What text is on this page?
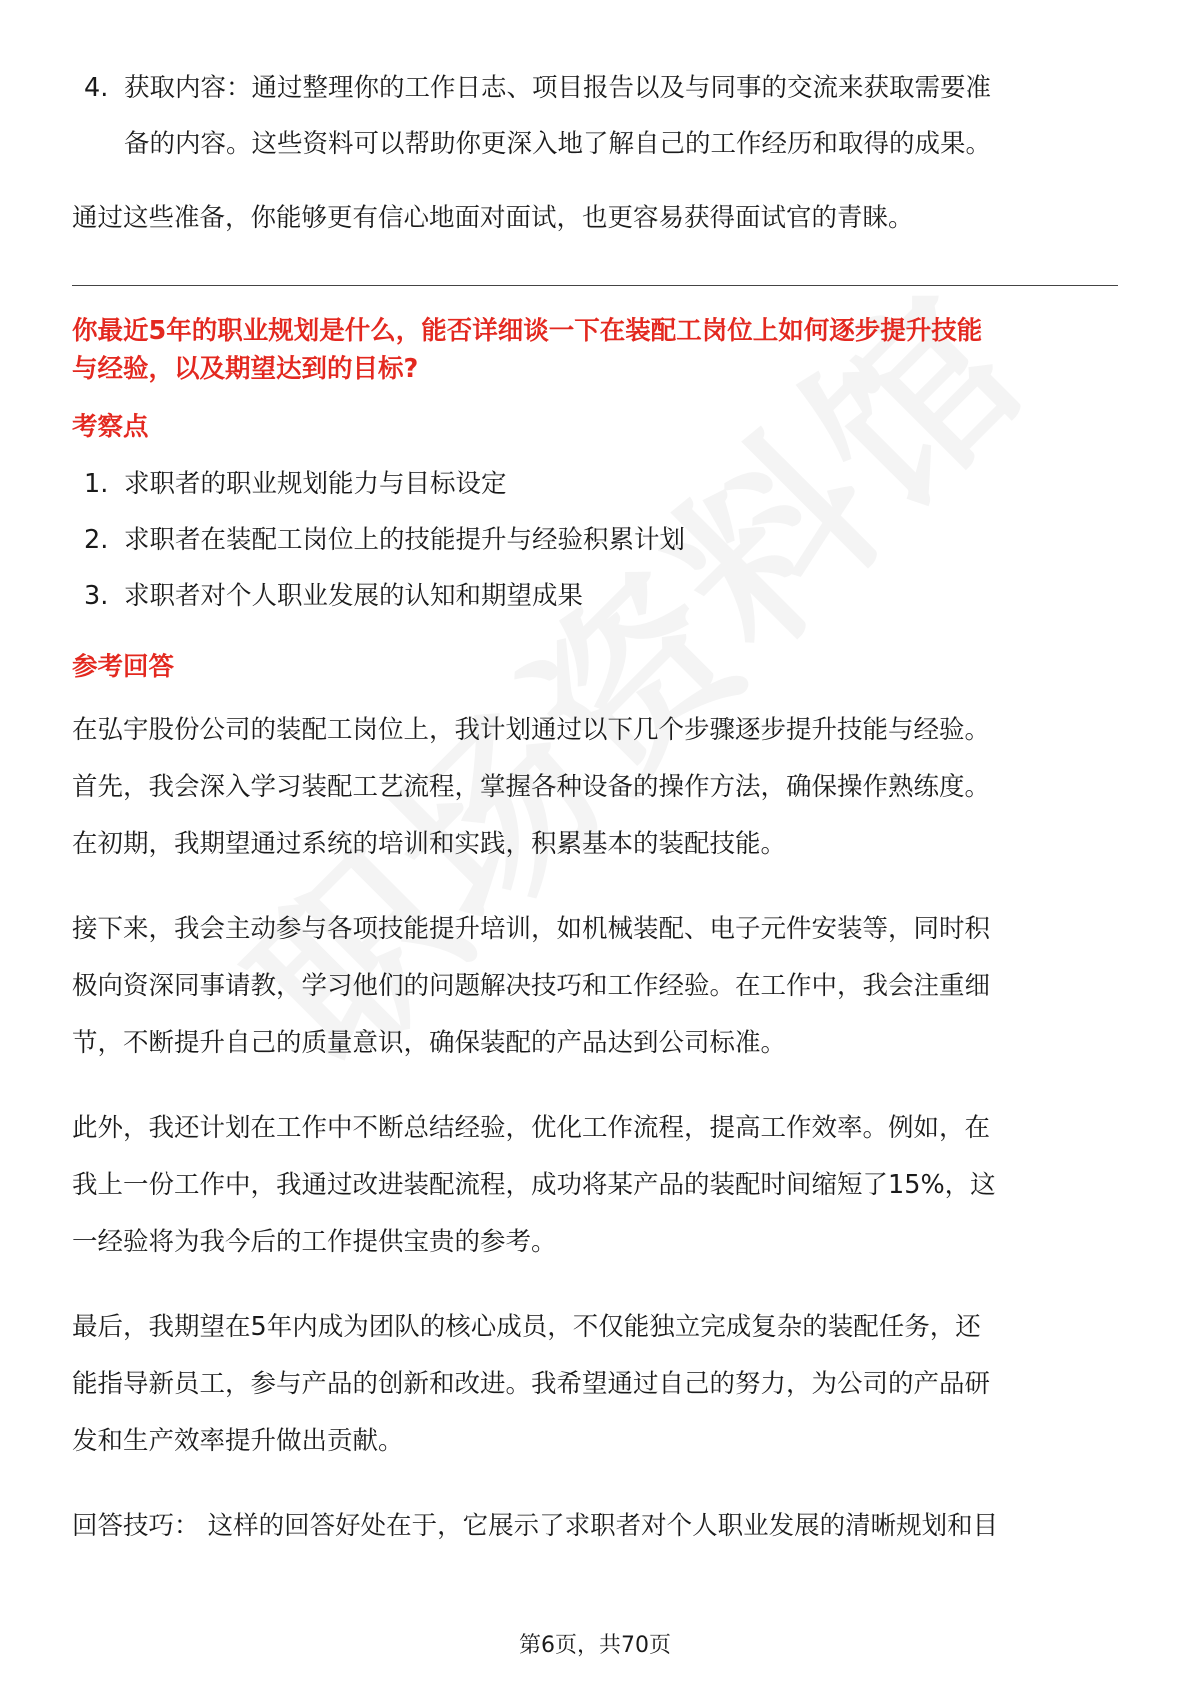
4. 获取内容：通过整理你的工作日志、项目报告以及与同事的交流来获取需要准
备的内容。这些资料可以帮助你更深入地了解自己的工作经历和取得的成果。

通过这些准备，你能够更有信心地面对面试，也更容易获得面试官的青睐。

你最近5年的职业规划是什么，能否详细谈一下在装配工岗位上如何逐步提升技能
与经验，以及期望达到的目标?

考察点
1. 求职者的职业规划能力与目标设定
2. 求职者在装配工岗位上的技能提升与经验积累计划
3. 求职者对个人职业发展的认知和期望成果
参考回答

在弘宇股份公司的装配工岗位上，我计划通过以下几个步骤逐步提升技能与经验。
首先，我会深入学习装配工艺流程，掌握各种设备的操作方法，确保操作熟练度。
在初期，我期望通过系统的培训和实践，积累基本的装配技能。

接下来，我会主动参与各项技能提升培训，如机械装配、电子元件安装等，同时积
极向资深同事请教，学习他们的问题解决技巧和工作经验。在工作中，我会注重细
节，不断提升自己的质量意识，确保装配的产品达到公司标准。

此外，我还计划在工作中不断总结经验，优化工作流程，提高工作效率。例如，在
我上一份工作中，我通过改进装配流程，成功将某产品的装配时间缩短了15%，这
一经验将为我今后的工作提供宝贵的参考。

最后，我期望在5年内成为团队的核心成员，不仅能独立完成复杂的装配任务，还
能指导新员工，参与产品的创新和改进。我希望通过自己的努力，为公司的产品研
发和生产效率提升做出贡献。

回答技巧： 这样的回答好处在于，它展示了求职者对个人职业发展的清晰规划和目

第6页，共70页
